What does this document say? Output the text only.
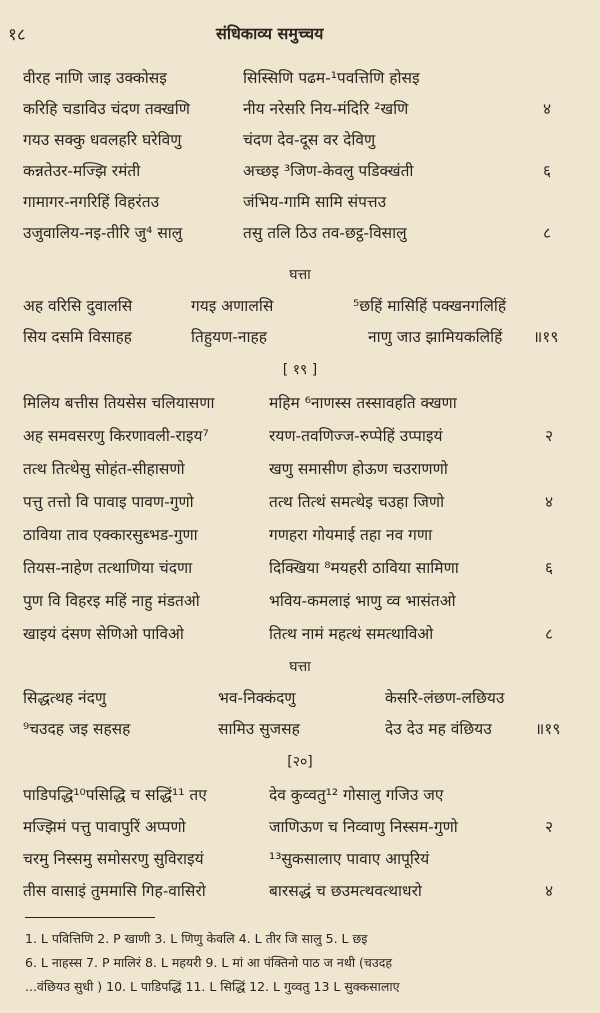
१८	संधिकाव्य समुच्चय
वीरह नाणि जाइ उक्कोसइ	सिस्सिणि पढम-¹पवत्तिणि होसइ
करिहि चडाविउ चंदण तक्खणि	नीय नरेसरि निय-मंदिरि ²खणि	४
गयउ सक्कु धवलहरि घरेविणु	चंदण देव-दूस वर देविणु
कन्नतेउर-मज्झि रमंती	अच्छइ ³जिण-केवलु पडिक्खंती	६
गामागर-नगरिहिं विहरंतउ	जंभिय-गामि सामि संपत्तउ
उजुवालिय-नइ-तीरि जु⁴ सालु	तसु तलि ठिउ तव-छट्ठ-विसालु	८
घत्ता
अह वरिसि दुवालसि	गयइ अणालसि	⁵छहिं मासिहिं पक्खनगलिहिं
सिय दसमि विसाहह	तिहुयण-नाहह	नाणु जाउ झामियकलिहिं ॥१९
[ १९ ]
मिलिय बत्तीस तियसेस चलियासणा	महिम ⁶नाणस्स तस्सावहति क्खणा
अह समवसरणु किरणावली-राइय⁷	रयण-तवणिज्ज-रुप्पेहिं उप्पाइयं	२
तत्थ तित्थेसु सोहंत-सीहासणो	खणु समासीण होऊण चउराणणो
पत्तु तत्तो वि पावाइ पावण-गुणो	तत्थ तित्थं समत्थेइ चउहा जिणो	४
ठाविया ताव एक्कारसुब्भड-गुणा	गणहरा गोयमाई तहा नव गणा
तियस-नाहेण तत्थाणिया चंदणा	दिक्खिया ⁸मयहरी ठाविया सामिणा	६
पुण वि विहरइ महिं नाहु मंडतओ	भविय-कमलाइं भाणु व्व भासंतओ
खाइयं दंसण सेणिओ पाविओ	तित्थ नामं महत्थं समत्थाविओ	८
घत्ता
सिद्धत्थह नंदणु	भव-निक्कंदणु	केसरि-लंछण-लछियउ
⁹चउदह जइ सहसह	सामिउ सुजसह	देउ देउ मह वंछियउ	॥१९
[२०]
पाडिपद्धि¹⁰पसिद्धि च सद्धिं¹¹ तए	देव कुव्वतु¹² गोसालु गजिउ जए
मज्झिमं पत्तु पावापुरिं अप्पणो	जाणिऊण च निव्वाणु निस्सम-गुणो	२
चरमु निस्समु समोसरणु सुविराइयं	¹³सुकसालाए पावाए आपूरियं
तीस वासाइं तुममासि गिह-वासिरो	बारसद्धं च छउमत्थवत्थाधरो	४
1. L पवित्तिणि 2. P खाणी 3. L णिणु केवलि 4. L तीर जि सालु 5. L छइ
6. L नाहस्स 7. P मालिरं 8. L महयरी 9. L मां आ पंक्तिनो पाठ ज नथी (चउदह
...वंछियउ सुधी ) 10. L पाडिपद्धिं 11. L सिद्धिं 12. L गुव्वतु 13 L सुक्कसालाए
